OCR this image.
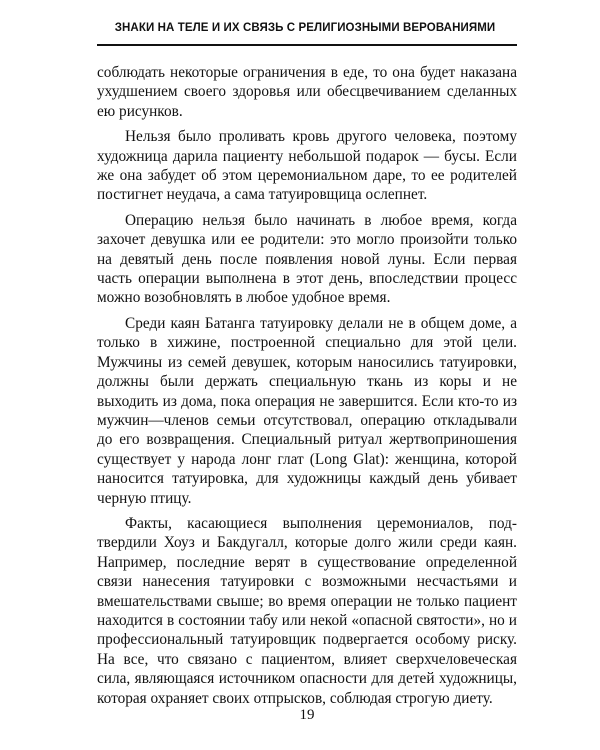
ЗНАКИ НА ТЕЛЕ И ИХ СВЯЗЬ С РЕЛИГИОЗНЫМИ ВЕРОВАНИЯМИ

соблюдать некоторые ограничения в еде, то она будет наказана ухудшением своего здоровья или обесцвечиванием сделанных ею рисунков.

Нельзя было проливать кровь другого человека, поэтому художница дарила пациенту небольшой подарок — бусы. Если же она забудет об этом церемониальном даре, то ее родителей постигнет неудача, а сама татуировщица ослепнет.

Операцию нельзя было начинать в любое время, когда захочет девушка или ее родители: это могло произойти только на девятый день после появления новой луны. Если первая часть операции выполнена в этот день, впоследствии процесс можно возобновлять в любое удобное время.

Среди каян Батанга татуировку делали не в общем доме, а только в хижине, построенной специально для этой цели. Мужчины из семей девушек, которым наносились татуировки, должны были держать специальную ткань из коры и не выходить из дома, пока операция не завершится. Если кто-то из мужчин—членов семьи отсутствовал, операцию откладывали до его возвращения. Специальный ритуал жертвоприношения существует у народа лонг глат (Long Glat): женщина, которой наносится татуировка, для художницы каждый день убивает черную птицу.

Факты, касающиеся выполнения церемониалов, подтвердили Хоуз и Бакдугалл, которые долго жили среди каян. Например, последние верят в существование определенной связи нанесения татуировки с возможными несчастьями и вмешательствами свыше; во время операции не только пациент находится в состоянии табу или некой «опасной святости», но и профессиональный татуировщик подвергается особому риску. На все, что связано с пациентом, влияет сверхчеловеческая сила, являющаяся источником опасности для детей художницы, которая охраняет своих отпрысков, соблюдая строгую диету.

19
